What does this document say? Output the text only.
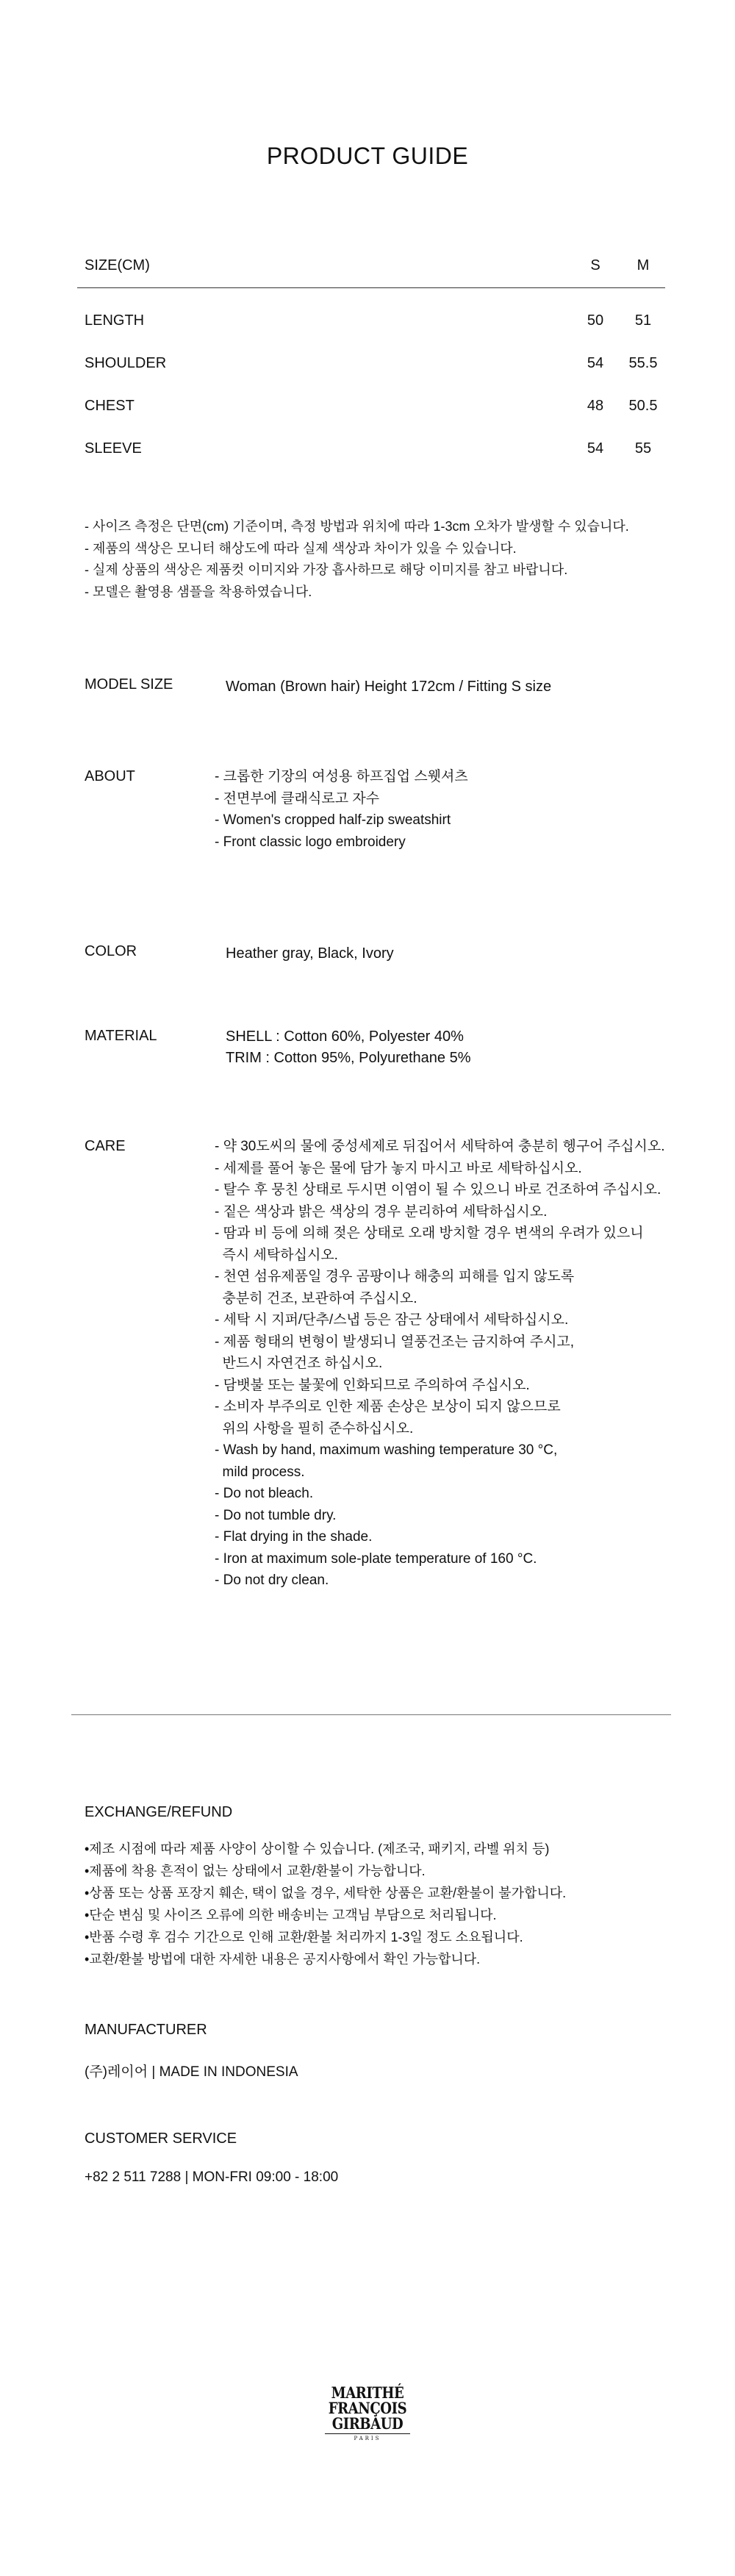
PRODUCT GUIDE
SIZE(CM)	S	M
LENGTH	50	51
SHOULDER	54	55.5
CHEST	48	50.5
SLEEVE	54	55
- 사이즈 측정은 단면(cm) 기준이며, 측정 방법과 위치에 따라 1-3cm 오차가 발생할 수 있습니다.
- 제품의 색상은 모니터 해상도에 따라 실제 색상과 차이가 있을 수 있습니다.
- 실제 상품의 색상은 제품컷 이미지와 가장 흡사하므로 해당 이미지를 참고 바랍니다.
- 모델은 촬영용 샘플을 착용하였습니다.
MODEL SIZE	Woman (Brown hair) Height 172cm / Fitting S size
ABOUT	- 크롭한 기장의 여성용 하프집업 스웻셔츠
- 전면부에 클래식로고 자수
- Women's cropped half-zip sweatshirt
- Front classic logo embroidery
COLOR	Heather gray, Black, Ivory
MATERIAL	SHELL : Cotton 60%, Polyester 40%
TRIM : Cotton 95%, Polyurethane 5%
CARE	- 약 30도씨의 물에 중성세제로 뒤집어서 세탁하여 충분히 헹구어 주십시오.
- 세제를 풀어 놓은 물에 담가 놓지 마시고 바로 세탁하십시오.
- 탈수 후 뭉친 상태로 두시면 이염이 될 수 있으니 바로 건조하여 주십시오.
- 짙은 색상과 밝은 색상의 경우 분리하여 세탁하십시오.
- 땀과 비 등에 의해 젖은 상태로 오래 방치할 경우 변색의 우려가 있으니
즉시 세탁하십시오.
- 천연 섬유제품일 경우 곰팡이나 해충의 피해를 입지 않도록
충분히 건조, 보관하여 주십시오.
- 세탁 시 지퍼/단추/스냅 등은 잠근 상태에서 세탁하십시오.
- 제품 형태의 변형이 발생되니 열풍건조는 금지하여 주시고,
반드시 자연건조 하십시오.
- 담뱃불 또는 불꽃에 인화되므로 주의하여 주십시오.
- 소비자 부주의로 인한 제품 손상은 보상이 되지 않으므로
위의 사항을 필히 준수하십시오.
- Wash by hand, maximum washing temperature 30 °C,
mild process.
- Do not bleach.
- Do not tumble dry.
- Flat drying in the shade.
- Iron at maximum sole-plate temperature of 160 °C.
- Do not dry clean.
EXCHANGE/REFUND
•제조 시점에 따라 제품 사양이 상이할 수 있습니다. (제조국, 패키지, 라벨 위치 등)
•제품에 착용 흔적이 없는 상태에서 교환/환불이 가능합니다.
•상품 또는 상품 포장지 훼손, 택이 없을 경우, 세탁한 상품은 교환/환불이 불가합니다.
•단순 변심 및 사이즈 오류에 의한 배송비는 고객님 부담으로 처리됩니다.
•반품 수령 후 검수 기간으로 인해 교환/환불 처리까지 1-3일 정도 소요됩니다.
•교환/환불 방법에 대한 자세한 내용은 공지사항에서 확인 가능합니다.
MANUFACTURER
(주)레이어 | MADE IN INDONESIA
CUSTOMER SERVICE
+82 2 511 7288 | MON-FRI 09:00 - 18:00
MARITHÉ
FRANÇOIS
GIRBAUD
PARIS
